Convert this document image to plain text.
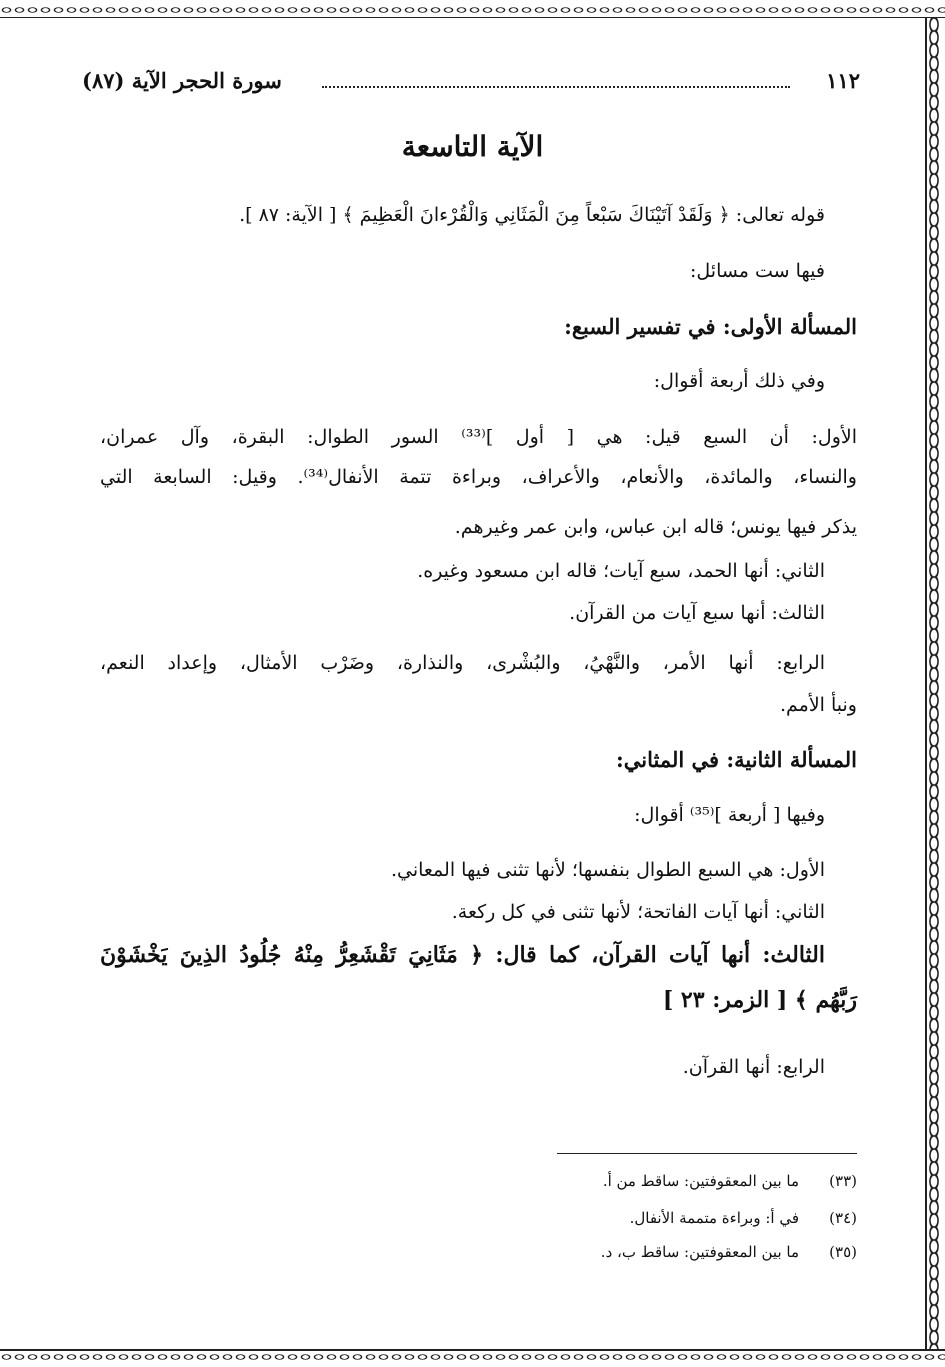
١١٢
سورة الحجر الآية (٨٧)
الآية التاسعة
قوله تعالى: ﴿ وَلَقَدْ آتَيْنَاكَ سَبْعاً مِنَ الْمَثَانِي وَالْقُرْءانَ الْعَظِيمَ ﴾ [ الآية: ٨٧ ].
فيها ست مسائل:
المسألة الأولى: في تفسير السبع:
وفي ذلك أربعة أقوال:
الأول: أن السبع قيل: هي [ أول ]⁽³³⁾ السور الطوال: البقرة، وآل عمران،
والنساء، والمائدة، والأنعام، والأعراف، وبراءة تتمة الأنفال⁽³⁴⁾. وقيل: السابعة التي
يذكر فيها يونس؛ قاله ابن عباس، وابن عمر وغيرهم.
الثاني: أنها الحمد، سبع آيات؛ قاله ابن مسعود وغيره.
الثالث: أنها سبع آيات من القرآن.
الرابع: أنها الأمر، والنَّهْيُ، والبُشْرى، والنذارة، وضَرْب الأمثال، وإعداد النعم،
ونبأ الأمم.
المسألة الثانية: في المثاني:
وفيها [ أربعة ]⁽³⁵⁾ أقوال:
الأول: هي السبع الطوال بنفسها؛ لأنها تثنى فيها المعاني.
الثاني: أنها آيات الفاتحة؛ لأنها تثنى في كل ركعة.
الثالث: أنها آيات القرآن، كما قال: ﴿ مَثَانِيَ تَقْشَعِرُّ مِنْهُ جُلُودُ الذِينَ يَخْشَوْنَ
رَبَّهُم ﴾ [ الزمر: ٢٣ ]
الرابع: أنها القرآن.
(٣٣)ما بين المعقوفتين: ساقط من أ.
(٣٤)في أ: وبراءة متممة الأنفال.
(٣٥)ما بين المعقوفتين: ساقط ب، د.
